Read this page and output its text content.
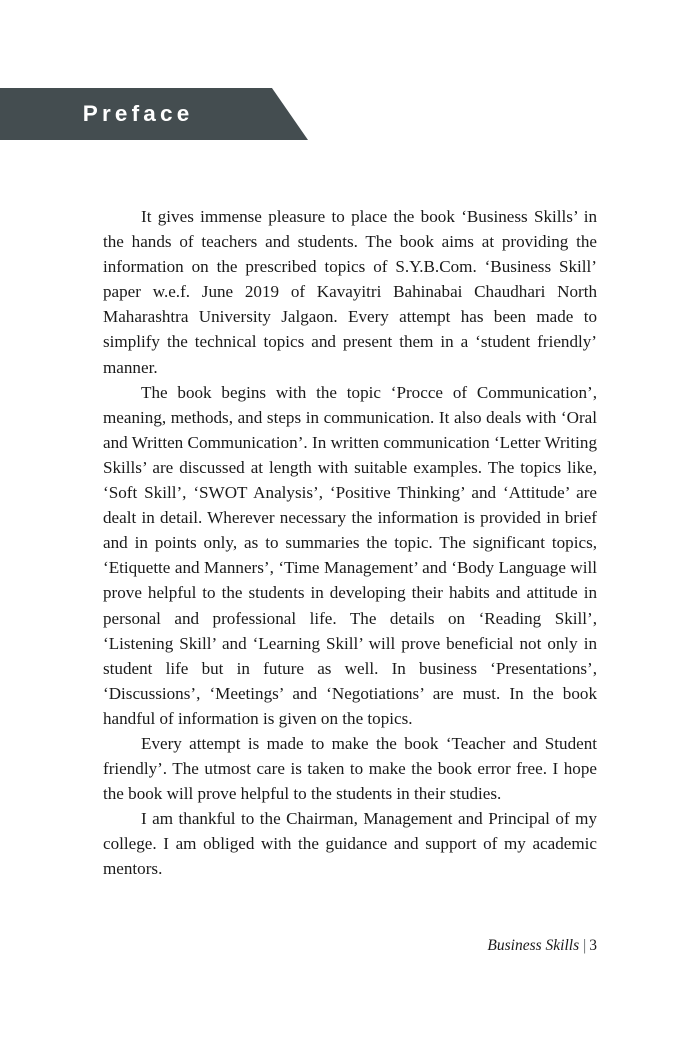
Preface

It gives immense pleasure to place the book ‘Business Skills’ in the hands of teachers and students. The book aims at providing the information on the prescribed topics of S.Y.B.Com. ‘Business Skill’ paper w.e.f. June 2019 of Kavayitri Bahinabai Chaudhari North Maharashtra University Jalgaon. Every attempt has been made to simplify the technical topics and present them in a ‘student friendly’ manner.

The book begins with the topic ‘Procce of Communication’, meaning, methods, and steps in communication. It also deals with ‘Oral and Written Communication’. In written communication ‘Letter Writing Skills’ are discussed at length with suitable examples. The topics like, ‘Soft Skill’, ‘SWOT Analysis’, ‘Positive Thinking’ and ‘Attitude’ are dealt in detail. Wherever necessary the information is provided in brief and in points only, as to summaries the topic. The significant topics, ‘Etiquette and Manners’, ‘Time Management’ and ‘Body Language will prove helpful to the students in developing their habits and attitude in personal and professional life. The details on ‘Reading Skill’, ‘Listening Skill’ and ‘Learning Skill’ will prove beneficial not only in student life but in future as well. In business ‘Presentations’, ‘Discussions’, ‘Meetings’ and ‘Negotiations’ are must. In the book handful of information is given on the topics.

Every attempt is made to make the book ‘Teacher and Student friendly’. The utmost care is taken to make the book error free. I hope the book will prove helpful to the students in their studies.

I am thankful to the Chairman, Management and Principal of my college. I am obliged with the guidance and support of my academic mentors.

Business Skills | 3
